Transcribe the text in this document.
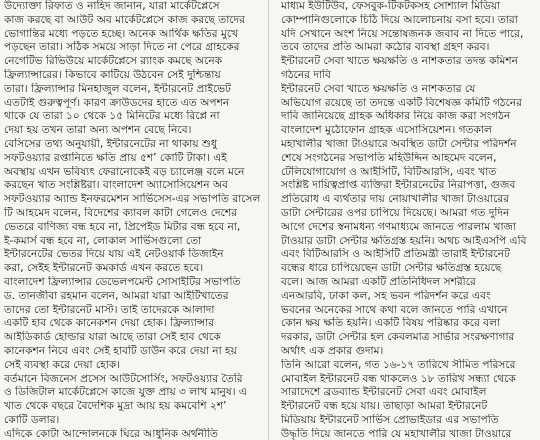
উদ্যোক্তা রিফাত ও নাহিদ জানান, যারা মার্কেটপ্লেসে
কাজ করছে বা আউট অব মার্কেটপ্লেসে কাজ করছে তাদের
ভোগান্তির মধ্যে পড়তে হচ্ছে। অনেক আর্থিক ক্ষতির মুখে
পড়ছেন তারা। সঠিক সময়ে সাড়া দিতে না পেরে গ্রাহকের
নেগেটিভ রিভিউয়ে মার্কেটপ্লেসে র‍্যাংক কমছে অনেক
ফ্রিল্যান্সারের। কিভাবে কাটিয়ে উঠবেন সেই দুশ্চিন্তায়
তারা। ফ্রিল্যান্সার মিনহাজুল বলেন, ইন্টারনেট প্রাইভেট
এতটাই গুরুত্বপূর্ণ। কারণ ক্রাউডদের হাতে এত অপশন
থাকে যে তারা ১০ থেকে ১৫ মিনিটের মধ্যে রিপ্লে না
দেয়া হয় তখন তারা অন্য অপশন বেছে নিবে।
বেসিসের তথ্য অনুযায়ী, ইন্টারনেটের না থাকায় শুধু
সফটওয়্যার রপ্তানিতে ক্ষতি প্রায় ৫শ’ কোটি টাকা। এই
অবস্থায় এখন ভবিষ্যৎ ফেরানোকেই বড় চ্যালেঞ্জ বলে মনে
করছেন খাত সংশ্লিষ্টরা। বাংলাদেশ অ্যাসোসিয়েশন অব
সফটওয়্যার অ্যান্ড ইনফরমেশন সার্ভিসেস-এর সভাপতি রাসেল
টি আহমেদ বলেন, বিদেশের ক্যাবল কাটা গেলেও দেশের
ভেতরে বাণিজ্য বন্ধ হবে না, প্রিপেইড মিটার বন্ধ হবে না,
ই-কমার্স বন্ধ হবে না, লোকাল সার্ভিসগুলো তো
ইন্টারনেটের ভেতর দিয়ে যায় এই নেটওয়ার্ক ডিজাইন
করা, সেইহ ইন্টারনেট কমকার্ড এখন করতে হবে।
বাংলাদেশ ফ্রিল্যান্সার ডেভেলপমেন্ট সোসাইটির সভাপতি
ড. তানজীবা রহমান বলেন, আমরা যারা আইটিখাতের
তাদের তো ইন্টারনেট মাস্ট। তাই তাদেরকে আলাদা
একটি হাব থেকে কানেকশন দেয়া হোক। ফ্রিল্যান্সার
আইডিকার্ড হোল্ডার যারা আছে তারা সেই হাব থেকে
কানেকশন নিবে এবং সেই হাবটি ডাউন করে দেয়া না হয়
সেই ব্যবস্থা করে দেয়া হোক।
বর্তমানে বিজনেস প্রসেস আউটসোর্সিং, সফটওয়্যার তৈরি
ও ডিজিটাল মার্কেটপ্লেসে কাজে যুক্ত প্রায় ৩ লাখ মানুষ। এ
খাত থেকে বছরে বৈদেশিক মুদ্রা আয় হয় কমবেশি ২শ’
কোটি ডলার।
এদিকে কোটা আন্দোলনকে ঘিরে আধুনিক অর্থনীতি
মাধ্যম ইউটিউব, ফেসবুক-টিকটকসহ সোশ্যাল মিডিয়া
কোম্পানিগুলোকে চিঠি দিয়ে আলোচনায় বসা হবে। তারা
যদি সেখানে অংশ নিয়ে সন্তোষজনক জবাব না দিতে পারে,
তবে তাদের প্রতি আমরা কঠোর ব্যবস্থা গ্রহণ করব।
ইন্টারনেট সেবা খাতে ক্ষয়ক্ষতি ও নাশকতার তদন্ত কমিশন
গঠনের দাবি
ইন্টারনেট সেবা খাতে ক্ষয়ক্ষতি ও নাশকতার যে
অভিযোগ রয়েছে তা তদন্তে একটি বিশেষজ্ঞ কমিটি গঠনের
দাবি জানিয়েছে গ্রাহক অধিকার নিয়ে কাজ করা সংগঠন
বাংলাদেশ মুঠোফোন গ্রাহক এসোসিয়েশন। গতকাল
মহাখালীর খাজা টাওয়ারে অবস্থিত ডাটা সেন্টার পরিদর্শন
শেষে সংগঠনের সভাপতি মহিউদ্দিন আহমেদ বলেন,
টেলিযোগাযোগ ও আইসিটি, বিটিআরসি, এবং খাত
সংশ্লিষ্ট দায়িত্বপ্রাপ্ত ব্যক্তিরা ইন্টারনেটের নিরাপত্তা, গুজব
প্রতিরোধ এ ব্যর্থতার দায় নোয়াখালীর খাজা টাওয়ারের
ডাটা সেন্টারের ওপর চাপিয়ে দিয়েছে। আমরা গত দুদিন
আগে দেশের স্বনামধন্য গণমাধ্যমে জানতে পারলাম খাজা
টাওয়ার ডাটা সেন্টার ক্ষতিগ্রস্ত হয়নি। অথচ আইএসপি এবি
এবং বিটিআরসি ও আইসিটি প্রতিমন্ত্রী তারাই ইন্টারনেট
বন্ধের ধারে চাপিয়েছেন ডাটা সেন্টার ক্ষতিগ্রস্ত হয়েছে
বলে। আজ আমরা একটি প্রতিনিধিদল সশরীরে
এনআরবি, ঢাকা কল, সহ ভবন পরিদর্শন করে এবং
ভবনের অনেকের সাথে কথা বলে জানতে পারি এখানে
কোন ক্ষয় ক্ষতি হয়নি। একটি বিষয় পরিষ্কার করে বলা
দরকার, ডাটা সেন্টার হল কেবলমাত্র সার্ভার সংরক্ষণাগার
অর্থাৎ এক প্রকার গুদাম।
তিনি আরো বলেন, গত ১৬-১৭ তারিখে সীমিত পরিসরে
মোবাইল ইন্টারনেট বন্ধ থাকলেও ১৮ তারিখ সন্ধ্যা থেকে
সারাদেশে ব্রডব্যান্ড ইন্টারনেট সেবা এবং মোবাইল
ইন্টারনেট বন্ধ হয়ে যায়। তাছাড়া আমরা ইন্টারনেট
মিডিয়ায় ইন্টারনেট সার্ভিস প্রোভাইডার এর সভাপতি
উদ্ধৃতি দিয়ে জানতে পারি যে মহাখালীর খাজা টাওয়ারে
